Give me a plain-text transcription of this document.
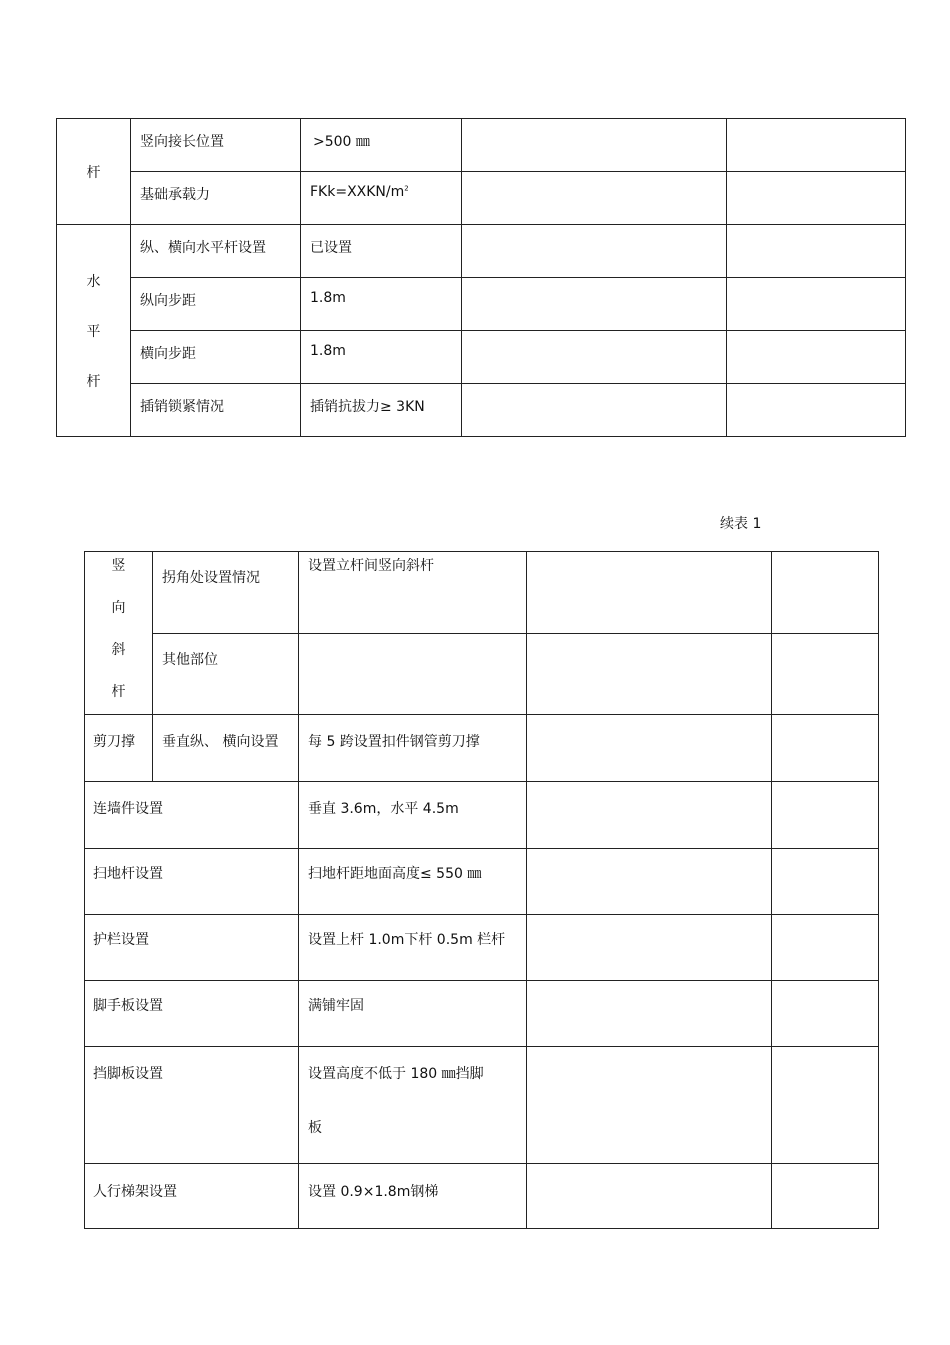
杆	竖向接长位置	>500 ㎜		

	基础承载力	$FKk=XXKN/m^2$

水
平
杆	纵、横向水平杆设置	已设置		

	纵向步距	1.8m		

	横向步距	1.8m		

	插销锁紧情况	插销抗拔力≥ 3KN		

续表 1
竖
向
斜
杆	拐角处设置情况	设置立杆间竖向斜杆		

	其他部位			

剪刀撑	垂直纵、 横向设置	每 5 跨设置扣件钢管剪刀撑		

连墙件设置		垂直 3.6m，水平 4.5m		

扫地杆设置		扫地杆距地面高度≤ 550 ㎜		

护栏设置		设置上杆 1.0m下杆 0.5m 栏杆		

脚手板设置		满铺牢固		

挡脚板设置		设置高度不低于 180 ㎜挡脚
板		

人行梯架设置		设置 0.9×1.8m钢梯		
